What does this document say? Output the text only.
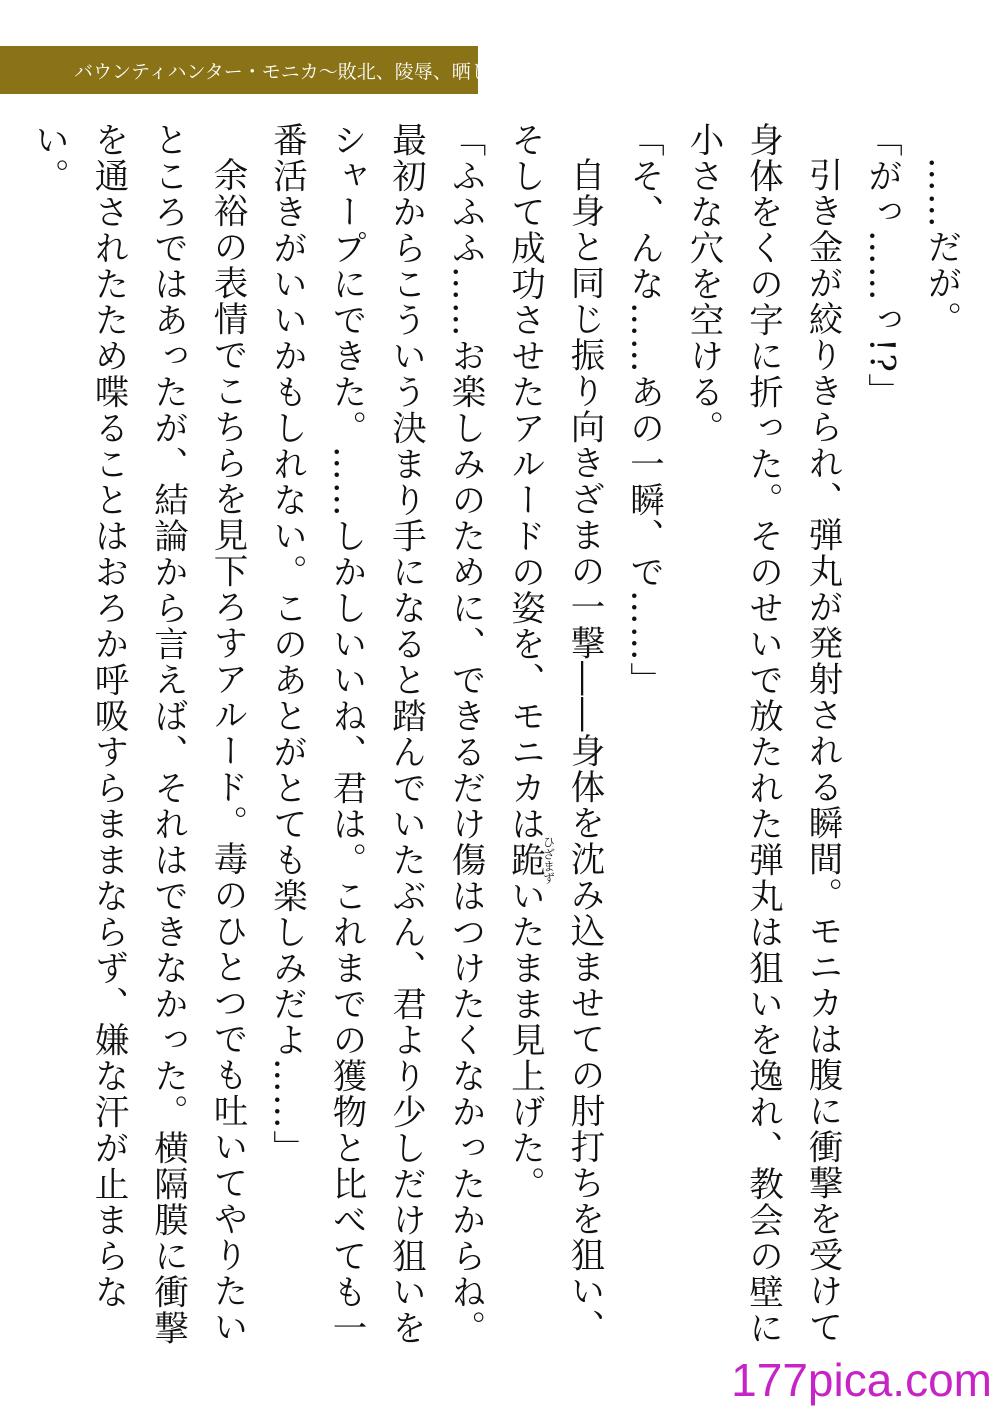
バウンティハンター・モニカ〜敗北、陵辱、晒し者〜

……だが。

「がっ……っ!?」

引き金が絞りきられ、弾丸が発射される瞬間。モニカは腹に衝撃を受けて身体をくの字に折った。そのせいで放たれた弾丸は狙いを逸れ、教会の壁に小さな穴を空ける。

「そ、んな……あの一瞬、で……」

自身と同じ振り向きざまの一撃――身体を沈み込ませての肘打ちを狙い、そして成功させたアルードの姿を、モニカは跪ひざまずいたまま見上げた。

「ふふふ……お楽しみのために、できるだけ傷はつけたくなかったからね。最初からこういう決まり手になると踏んでいたぶん、君より少しだけ狙いをシャープにできた。……しかしいいね、君は。これまでの獲物と比べても一番活きがいいかもしれない。このあとがとても楽しみだよ……」

余裕の表情でこちらを見下ろすアルード。毒のひとつでも吐いてやりたいところではあったが、結論から言えば、それはできなかった。横隔膜に衝撃を通されたため喋ることはおろか呼吸すらままならず、嫌な汗が止まらない。

177pica.com
